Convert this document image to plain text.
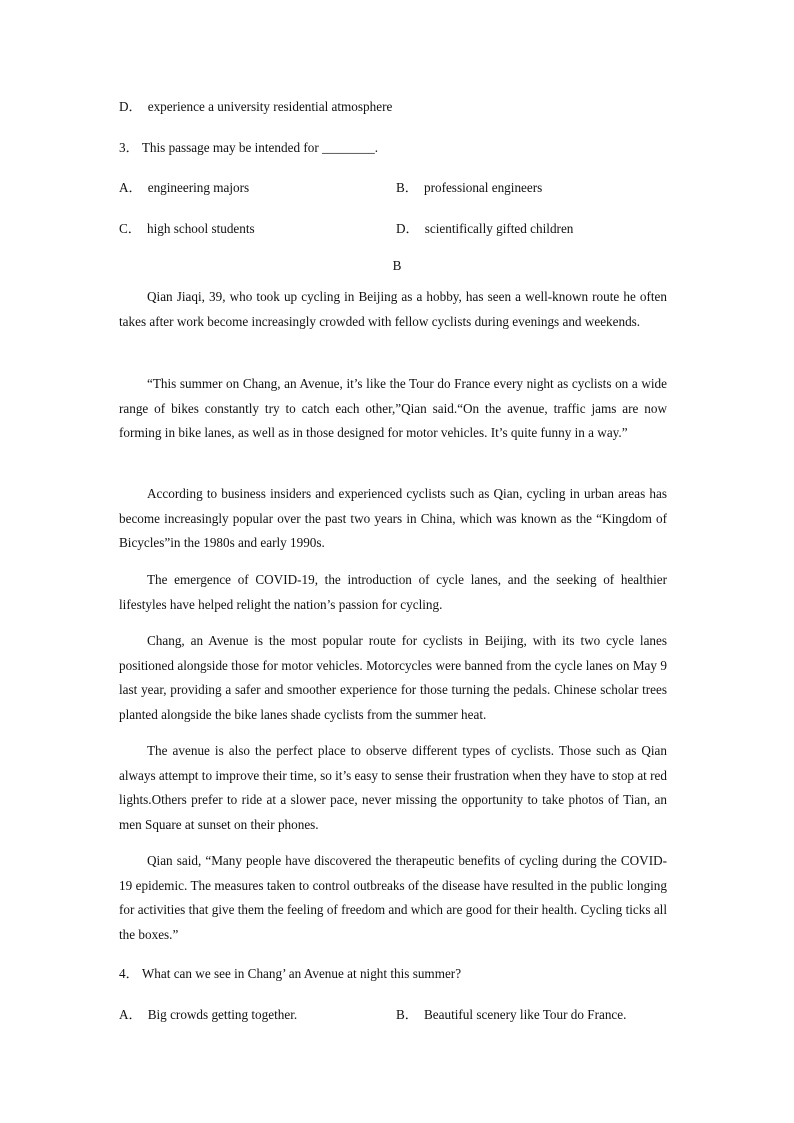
D． experience a university residential atmosphere
3． This passage may be intended for ________.
A． engineering majors	B． professional engineers
C． high school students	D． scientifically gifted children
B

Qian Jiaqi, 39, who took up cycling in Beijing as a hobby, has seen a well-known route he often takes after work become increasingly crowded with fellow cyclists during evenings and weekends.

“This summer on Chang, an Avenue, it’s like the Tour do France every night as cyclists on a wide range of bikes constantly try to catch each other,”Qian said.“On the avenue, traffic jams are now forming in bike lanes, as well as in those designed for motor vehicles. It’s quite funny in a way.”

According to business insiders and experienced cyclists such as Qian, cycling in urban areas has become increasingly popular over the past two years in China, which was known as the “Kingdom of Bicycles”in the 1980s and early 1990s.

The emergence of COVID-19, the introduction of cycle lanes, and the seeking of healthier lifestyles have helped relight the nation’s passion for cycling.

Chang, an Avenue is the most popular route for cyclists in Beijing, with its two cycle lanes positioned alongside those for motor vehicles. Motorcycles were banned from the cycle lanes on May 9 last year, providing a safer and smoother experience for those turning the pedals. Chinese scholar trees planted alongside the bike lanes shade cyclists from the summer heat.

The avenue is also the perfect place to observe different types of cyclists. Those such as Qian always attempt to improve their time, so it’s easy to sense their frustration when they have to stop at red lights.Others prefer to ride at a slower pace, never missing the opportunity to take photos of Tian, an men Square at sunset on their phones.

Qian said, “Many people have discovered the therapeutic benefits of cycling during the COVID-19 epidemic. The measures taken to control outbreaks of the disease have resulted in the public longing for activities that give them the feeling of freedom and which are good for their health. Cycling ticks all the boxes.”

4． What can we see in Chang’ an Avenue at night this summer?
A． Big crowds getting together.	B． Beautiful scenery like Tour do France.
